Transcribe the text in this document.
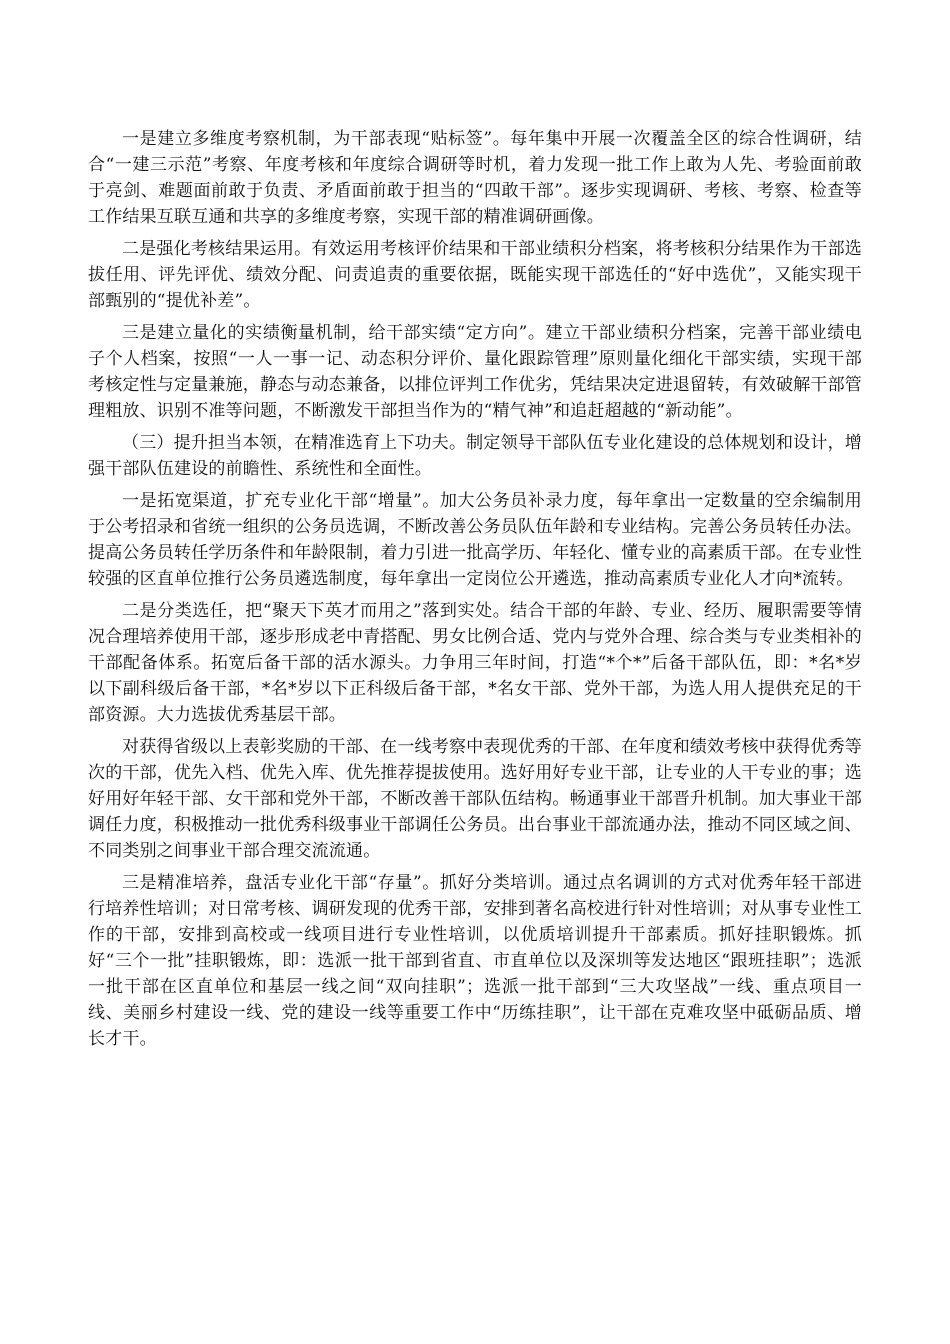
一是建立多维度考察机制，为干部表现“贴标签”。每年集中开展一次覆盖全区的综合性调研，结合“一建三示范”考察、年度考核和年度综合调研等时机，着力发现一批工作上敢为人先、考验面前敢于亮剑、难题面前敢于负责、矛盾面前敢于担当的“四敢干部”。逐步实现调研、考核、考察、检查等工作结果互联互通和共享的多维度考察，实现干部的精准调研画像。

二是强化考核结果运用。有效运用考核评价结果和干部业绩积分档案，将考核积分结果作为干部选拔任用、评先评优、绩效分配、问责追责的重要依据，既能实现干部选任的“好中选优”，又能实现干部甄别的“提优补差”。

三是建立量化的实绩衡量机制，给干部实绩“定方向”。建立干部业绩积分档案，完善干部业绩电子个人档案，按照“一人一事一记、动态积分评价、量化跟踪管理”原则量化细化干部实绩，实现干部考核定性与定量兼施，静态与动态兼备，以排位评判工作优劣，凭结果决定进退留转，有效破解干部管理粗放、识别不准等问题，不断激发干部担当作为的“精气神”和追赶超越的“新动能”。

（三）提升担当本领，在精准选育上下功夫。制定领导干部队伍专业化建设的总体规划和设计，增强干部队伍建设的前瞻性、系统性和全面性。

一是拓宽渠道，扩充专业化干部“增量”。加大公务员补录力度，每年拿出一定数量的空余编制用于公考招录和省统一组织的公务员选调，不断改善公务员队伍年龄和专业结构。完善公务员转任办法。提高公务员转任学历条件和年龄限制，着力引进一批高学历、年轻化、懂专业的高素质干部。在专业性较强的区直单位推行公务员遴选制度，每年拿出一定岗位公开遴选，推动高素质专业化人才向*流转。

二是分类选任，把“聚天下英才而用之”落到实处。结合干部的年龄、专业、经历、履职需要等情况合理培养使用干部，逐步形成老中青搭配、男女比例合适、党内与党外合理、综合类与专业类相补的干部配备体系。拓宽后备干部的活水源头。力争用三年时间，打造“*个*”后备干部队伍，即：*名*岁以下副科级后备干部，*名*岁以下正科级后备干部，*名女干部、党外干部，为选人用人提供充足的干部资源。大力选拔优秀基层干部。

对获得省级以上表彰奖励的干部、在一线考察中表现优秀的干部、在年度和绩效考核中获得优秀等次的干部，优先入档、优先入库、优先推荐提拔使用。选好用好专业干部，让专业的人干专业的事；选好用好年轻干部、女干部和党外干部，不断改善干部队伍结构。畅通事业干部晋升机制。加大事业干部调任力度，积极推动一批优秀科级事业干部调任公务员。出台事业干部流通办法，推动不同区域之间、不同类别之间事业干部合理交流流通。

三是精准培养，盘活专业化干部“存量”。抓好分类培训。通过点名调训的方式对优秀年轻干部进行培养性培训；对日常考核、调研发现的优秀干部，安排到著名高校进行针对性培训；对从事专业性工作的干部，安排到高校或一线项目进行专业性培训，以优质培训提升干部素质。抓好挂职锻炼。抓好“三个一批”挂职锻炼，即：选派一批干部到省直、市直单位以及深圳等发达地区“跟班挂职”；选派一批干部在区直单位和基层一线之间“双向挂职”；选派一批干部到“三大攻坚战”一线、重点项目一线、美丽乡村建设一线、党的建设一线等重要工作中“历练挂职”，让干部在克难攻坚中砥砺品质、增长才干。
